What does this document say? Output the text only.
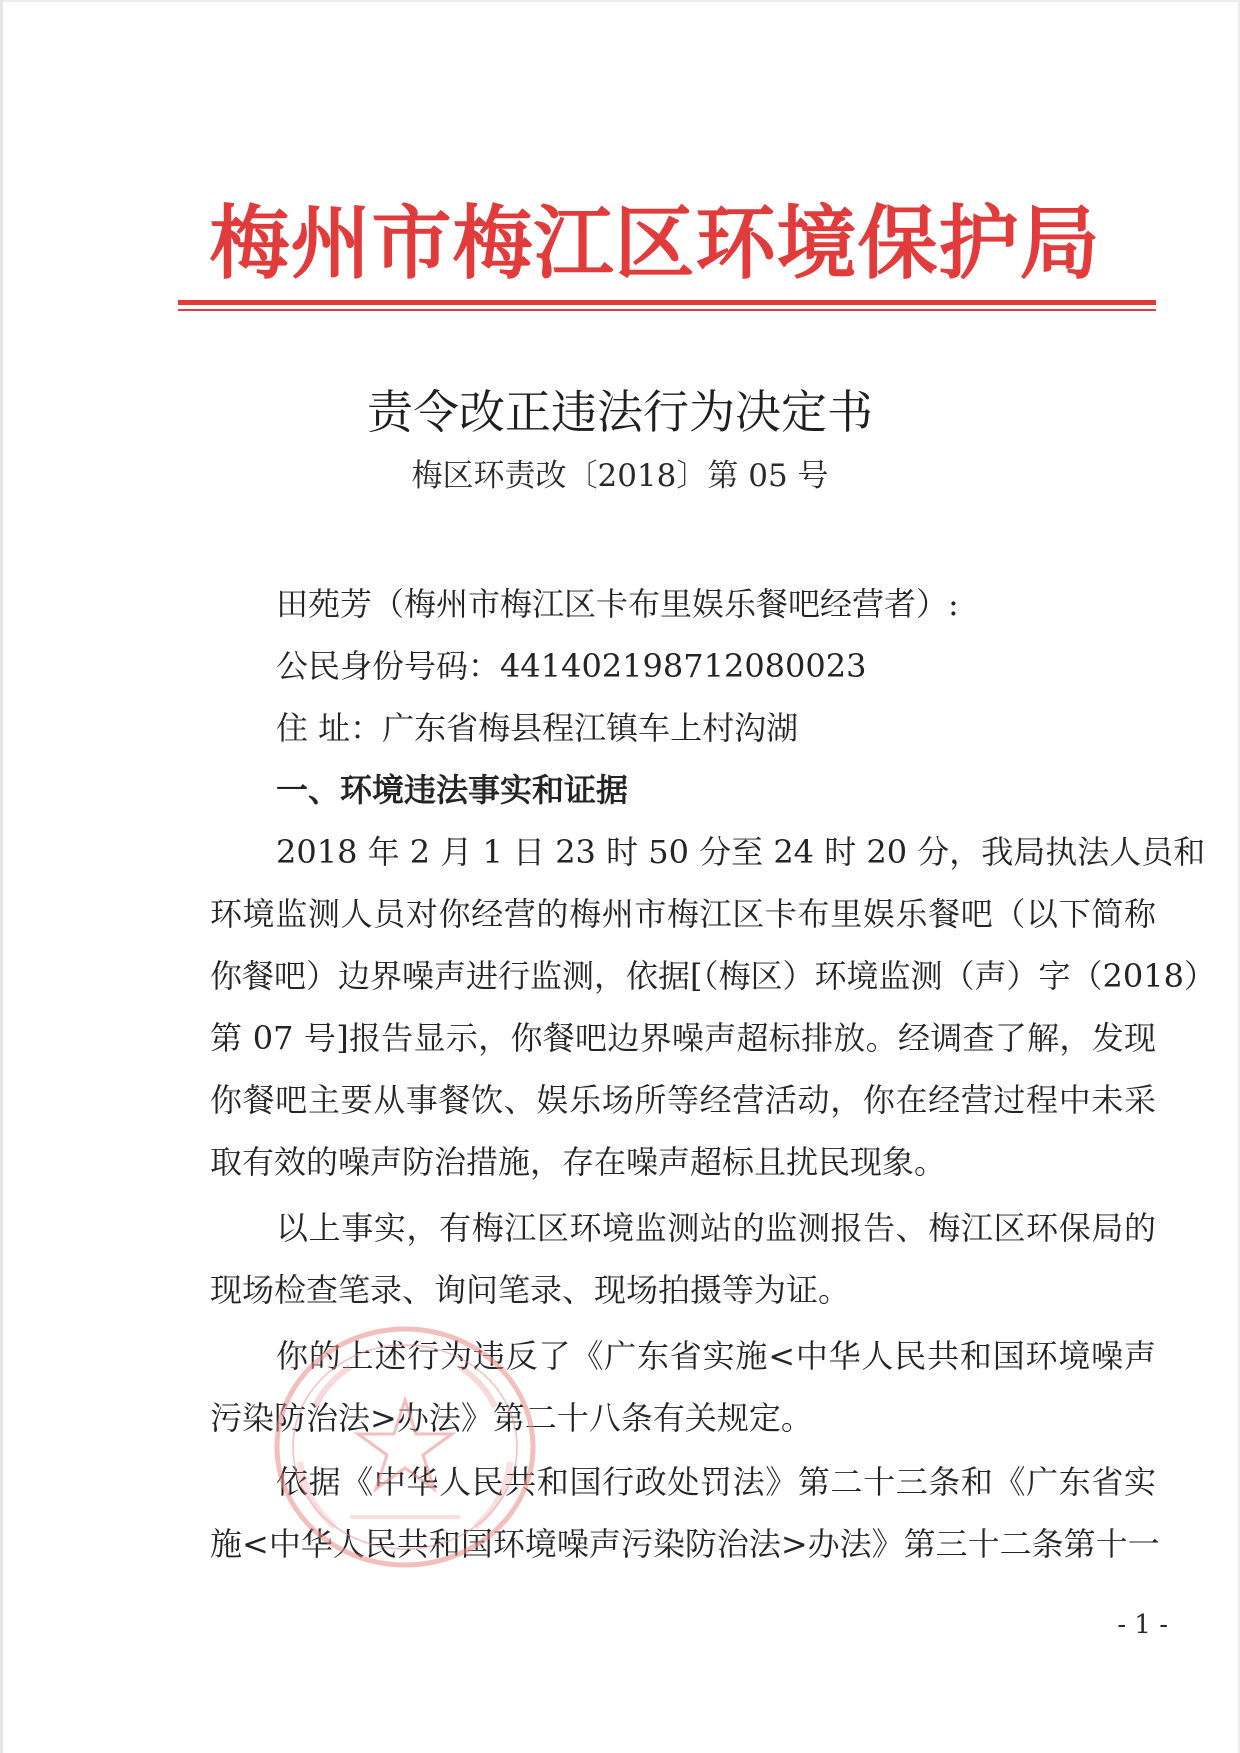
梅州市梅江区环境保护局
责令改正违法行为决定书
梅区环责改〔2018〕第 05 号
田苑芳（梅州市梅江区卡布里娱乐餐吧经营者）:
公民身份号码：441402198712080023
住 址：广东省梅县程江镇车上村沟湖
一、环境违法事实和证据
2018 年 2 月 1 日 23 时 50 分至 24 时 20 分，我局执法人员和
环境监测人员对你经营的梅州市梅江区卡布里娱乐餐吧（以下简称
你餐吧）边界噪声进行监测，依据[（梅区）环境监测（声）字（2018）
第 07 号]报告显示，你餐吧边界噪声超标排放。经调查了解，发现
你餐吧主要从事餐饮、娱乐场所等经营活动，你在经营过程中未采
取有效的噪声防治措施，存在噪声超标且扰民现象。
以上事实，有梅江区环境监测站的监测报告、梅江区环保局的
现场检查笔录、询问笔录、现场拍摄等为证。
你的上述行为违反了《广东省实施<中华人民共和国环境噪声
污染防治法>办法》第二十八条有关规定。
依据《中华人民共和国行政处罚法》第二十三条和《广东省实
施<中华人民共和国环境噪声污染防治法>办法》第三十二条第十一
- 1 -
